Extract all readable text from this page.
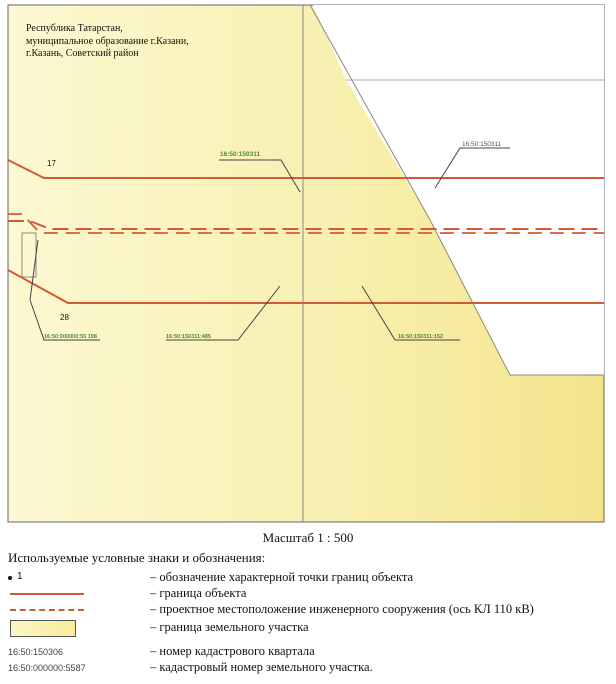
17
28
16:50:150311
16:50:150311
16:50:000000:55 198	16:50:150311:485	16:50:150311:152
Республика Татарстан,
муниципальное образование г.Казани,
г.Казань, Советский район
Масштаб 1 : 500
Используемые условные знаки и обозначения:
1	– обозначение характерной точки границ объекта
– граница объекта
– проектное местоположение инженерного сооружения (ось КЛ 110 кВ)
– граница земельного участка
16:50:150306	– номер кадастрового квартала
16:50:000000:5587	– кадастровый номер земельного участка.
